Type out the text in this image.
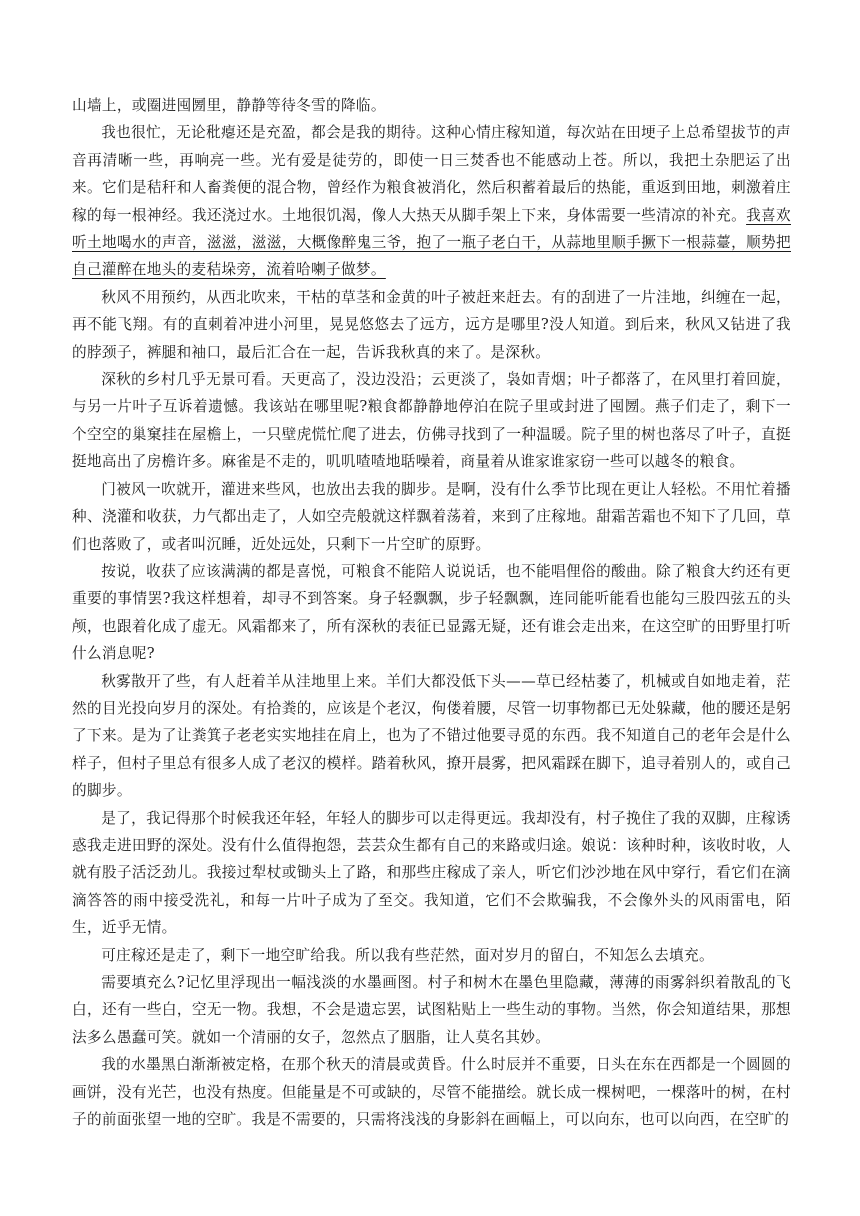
山墙上，或圈进囤圐里，静静等待冬雪的降临。

我也很忙，无论秕瘪还是充盈，都会是我的期待。这种心情庄稼知道，每次站在田埂子上总希望拔节的声音再清晰一些，再响亮一些。光有爱是徒劳的，即使一日三焚香也不能感动上苍。所以，我把土杂肥运了出来。它们是秸秆和人畜粪便的混合物，曾经作为粮食被消化，然后积蓄着最后的热能，重返到田地，刺激着庄稼的每一根神经。我还浇过水。土地很饥渴，像人大热天从脚手架上下来，身体需要一些清凉的补充。我喜欢听土地喝水的声音，滋滋，滋滋，大概像醉鬼三爷，抱了一瓶子老白干，从蒜地里顺手撅下一根蒜薹，顺势把自己灌醉在地头的麦秸垛旁，流着哈喇子做梦。

秋风不用预约，从西北吹来，干枯的草茎和金黄的叶子被赶来赶去。有的刮进了一片洼地，纠缠在一起，再不能飞翔。有的直刺着冲进小河里，晃晃悠悠去了远方，远方是哪里?没人知道。到后来，秋风又钻进了我的脖颈子，裤腿和袖口，最后汇合在一起，告诉我秋真的来了。是深秋。

深秋的乡村几乎无景可看。天更高了，没边没沿；云更淡了，袅如青烟；叶子都落了，在风里打着回旋，与另一片叶子互诉着遗憾。我该站在哪里呢?粮食都静静地停泊在院子里或封进了囤圐。燕子们走了，剩下一个空空的巢窠挂在屋檐上，一只壁虎慌忙爬了进去，仿佛寻找到了一种温暖。院子里的树也落尽了叶子，直挺挺地高出了房檐许多。麻雀是不走的，叽叽喳喳地聒噪着，商量着从谁家谁家窃一些可以越冬的粮食。

门被风一吹就开，灌进来些风，也放出去我的脚步。是啊，没有什么季节比现在更让人轻松。不用忙着播种、浇灌和收获，力气都出走了，人如空壳般就这样飘着荡着，来到了庄稼地。甜霜苦霜也不知下了几回，草们也落败了，或者叫沉睡，近处远处，只剩下一片空旷的原野。

按说，收获了应该满满的都是喜悦，可粮食不能陪人说说话，也不能唱俚俗的酸曲。除了粮食大约还有更重要的事情罢?我这样想着，却寻不到答案。身子轻飘飘，步子轻飘飘，连同能听能看也能勾三股四弦五的头颅，也跟着化成了虚无。风霜都来了，所有深秋的表征已显露无疑，还有谁会走出来，在这空旷的田野里打听什么消息呢?

秋雾散开了些，有人赶着羊从洼地里上来。羊们大都没低下头——草已经枯萎了，机械或自如地走着，茫然的目光投向岁月的深处。有拾粪的，应该是个老汉，佝偻着腰，尽管一切事物都已无处躲藏，他的腰还是躬了下来。是为了让粪箕子老老实实地挂在肩上，也为了不错过他要寻觅的东西。我不知道自己的老年会是什么样子，但村子里总有很多人成了老汉的模样。踏着秋风，撩开晨雾，把风霜踩在脚下，追寻着别人的，或自己的脚步。

是了，我记得那个时候我还年轻，年轻人的脚步可以走得更远。我却没有，村子挽住了我的双脚，庄稼诱惑我走进田野的深处。没有什么值得抱怨，芸芸众生都有自己的来路或归途。娘说：该种时种，该收时收，人就有股子活泛劲儿。我接过犁杖或锄头上了路，和那些庄稼成了亲人，听它们沙沙地在风中穿行，看它们在滴滴答答的雨中接受洗礼，和每一片叶子成为了至交。我知道，它们不会欺骗我，不会像外头的风雨雷电，陌生，近乎无情。

可庄稼还是走了，剩下一地空旷给我。所以我有些茫然，面对岁月的留白，不知怎么去填充。

需要填充么?记忆里浮现出一幅浅淡的水墨画图。村子和树木在墨色里隐藏，薄薄的雨雾斜织着散乱的飞白，还有一些白，空无一物。我想，不会是遗忘罢，试图粘贴上一些生动的事物。当然，你会知道结果，那想法多么愚蠢可笑。就如一个清丽的女子，忽然点了胭脂，让人莫名其妙。

我的水墨黑白渐渐被定格，在那个秋天的清晨或黄昏。什么时辰并不重要，日头在东在西都是一个圆圆的画饼，没有光芒，也没有热度。但能量是不可或缺的，尽管不能描绘。就长成一棵树吧，一棵落叶的树，在村子的前面张望一地的空旷。我是不需要的，只需将浅浅的身影斜在画幅上，可以向东，也可以向西，在空旷的
